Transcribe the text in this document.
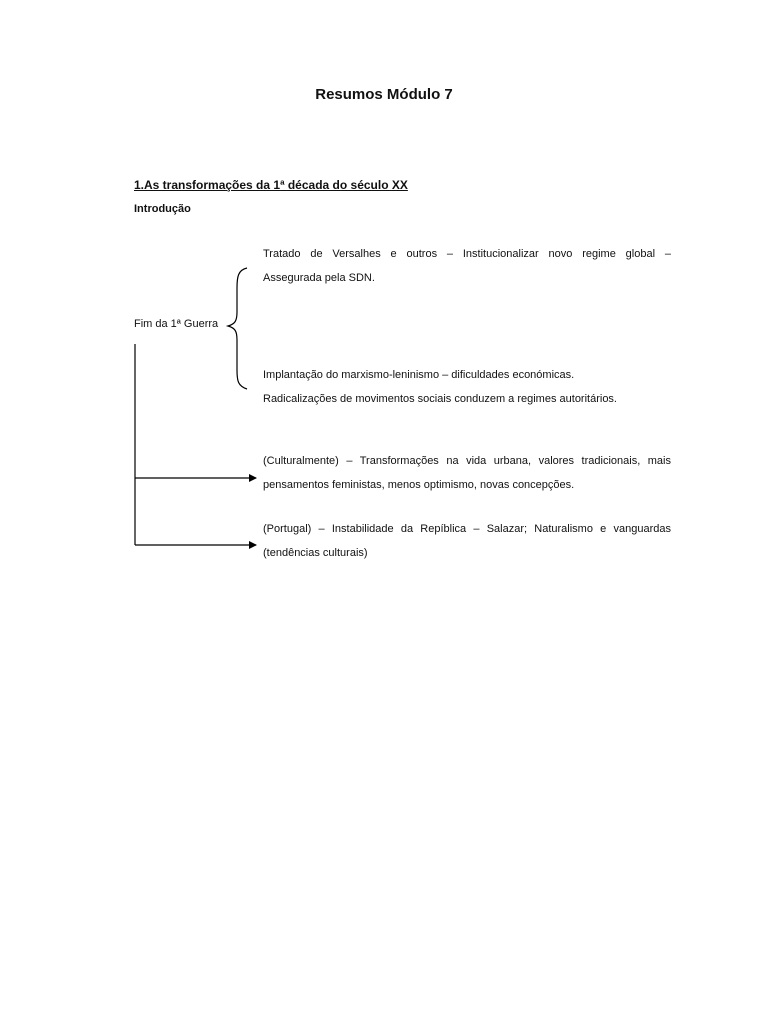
Resumos Módulo 7
1.As transformações da 1ª década do século XX
Introdução
Fim da 1ª Guerra

Tratado de Versalhes e outros – Institucionalizar novo regime global –

Assegurada pela SDN.

Implantação do marxismo-leninismo – dificuldades económicas.

Radicalizações de movimentos sociais conduzem a regimes autoritários.

(Culturalmente) – Transformações na vida urbana, valores tradicionais, mais

pensamentos feministas, menos optimismo, novas concepções.

(Portugal) – Instabilidade da Repíblica – Salazar; Naturalismo e vanguardas

(tendências culturais)
